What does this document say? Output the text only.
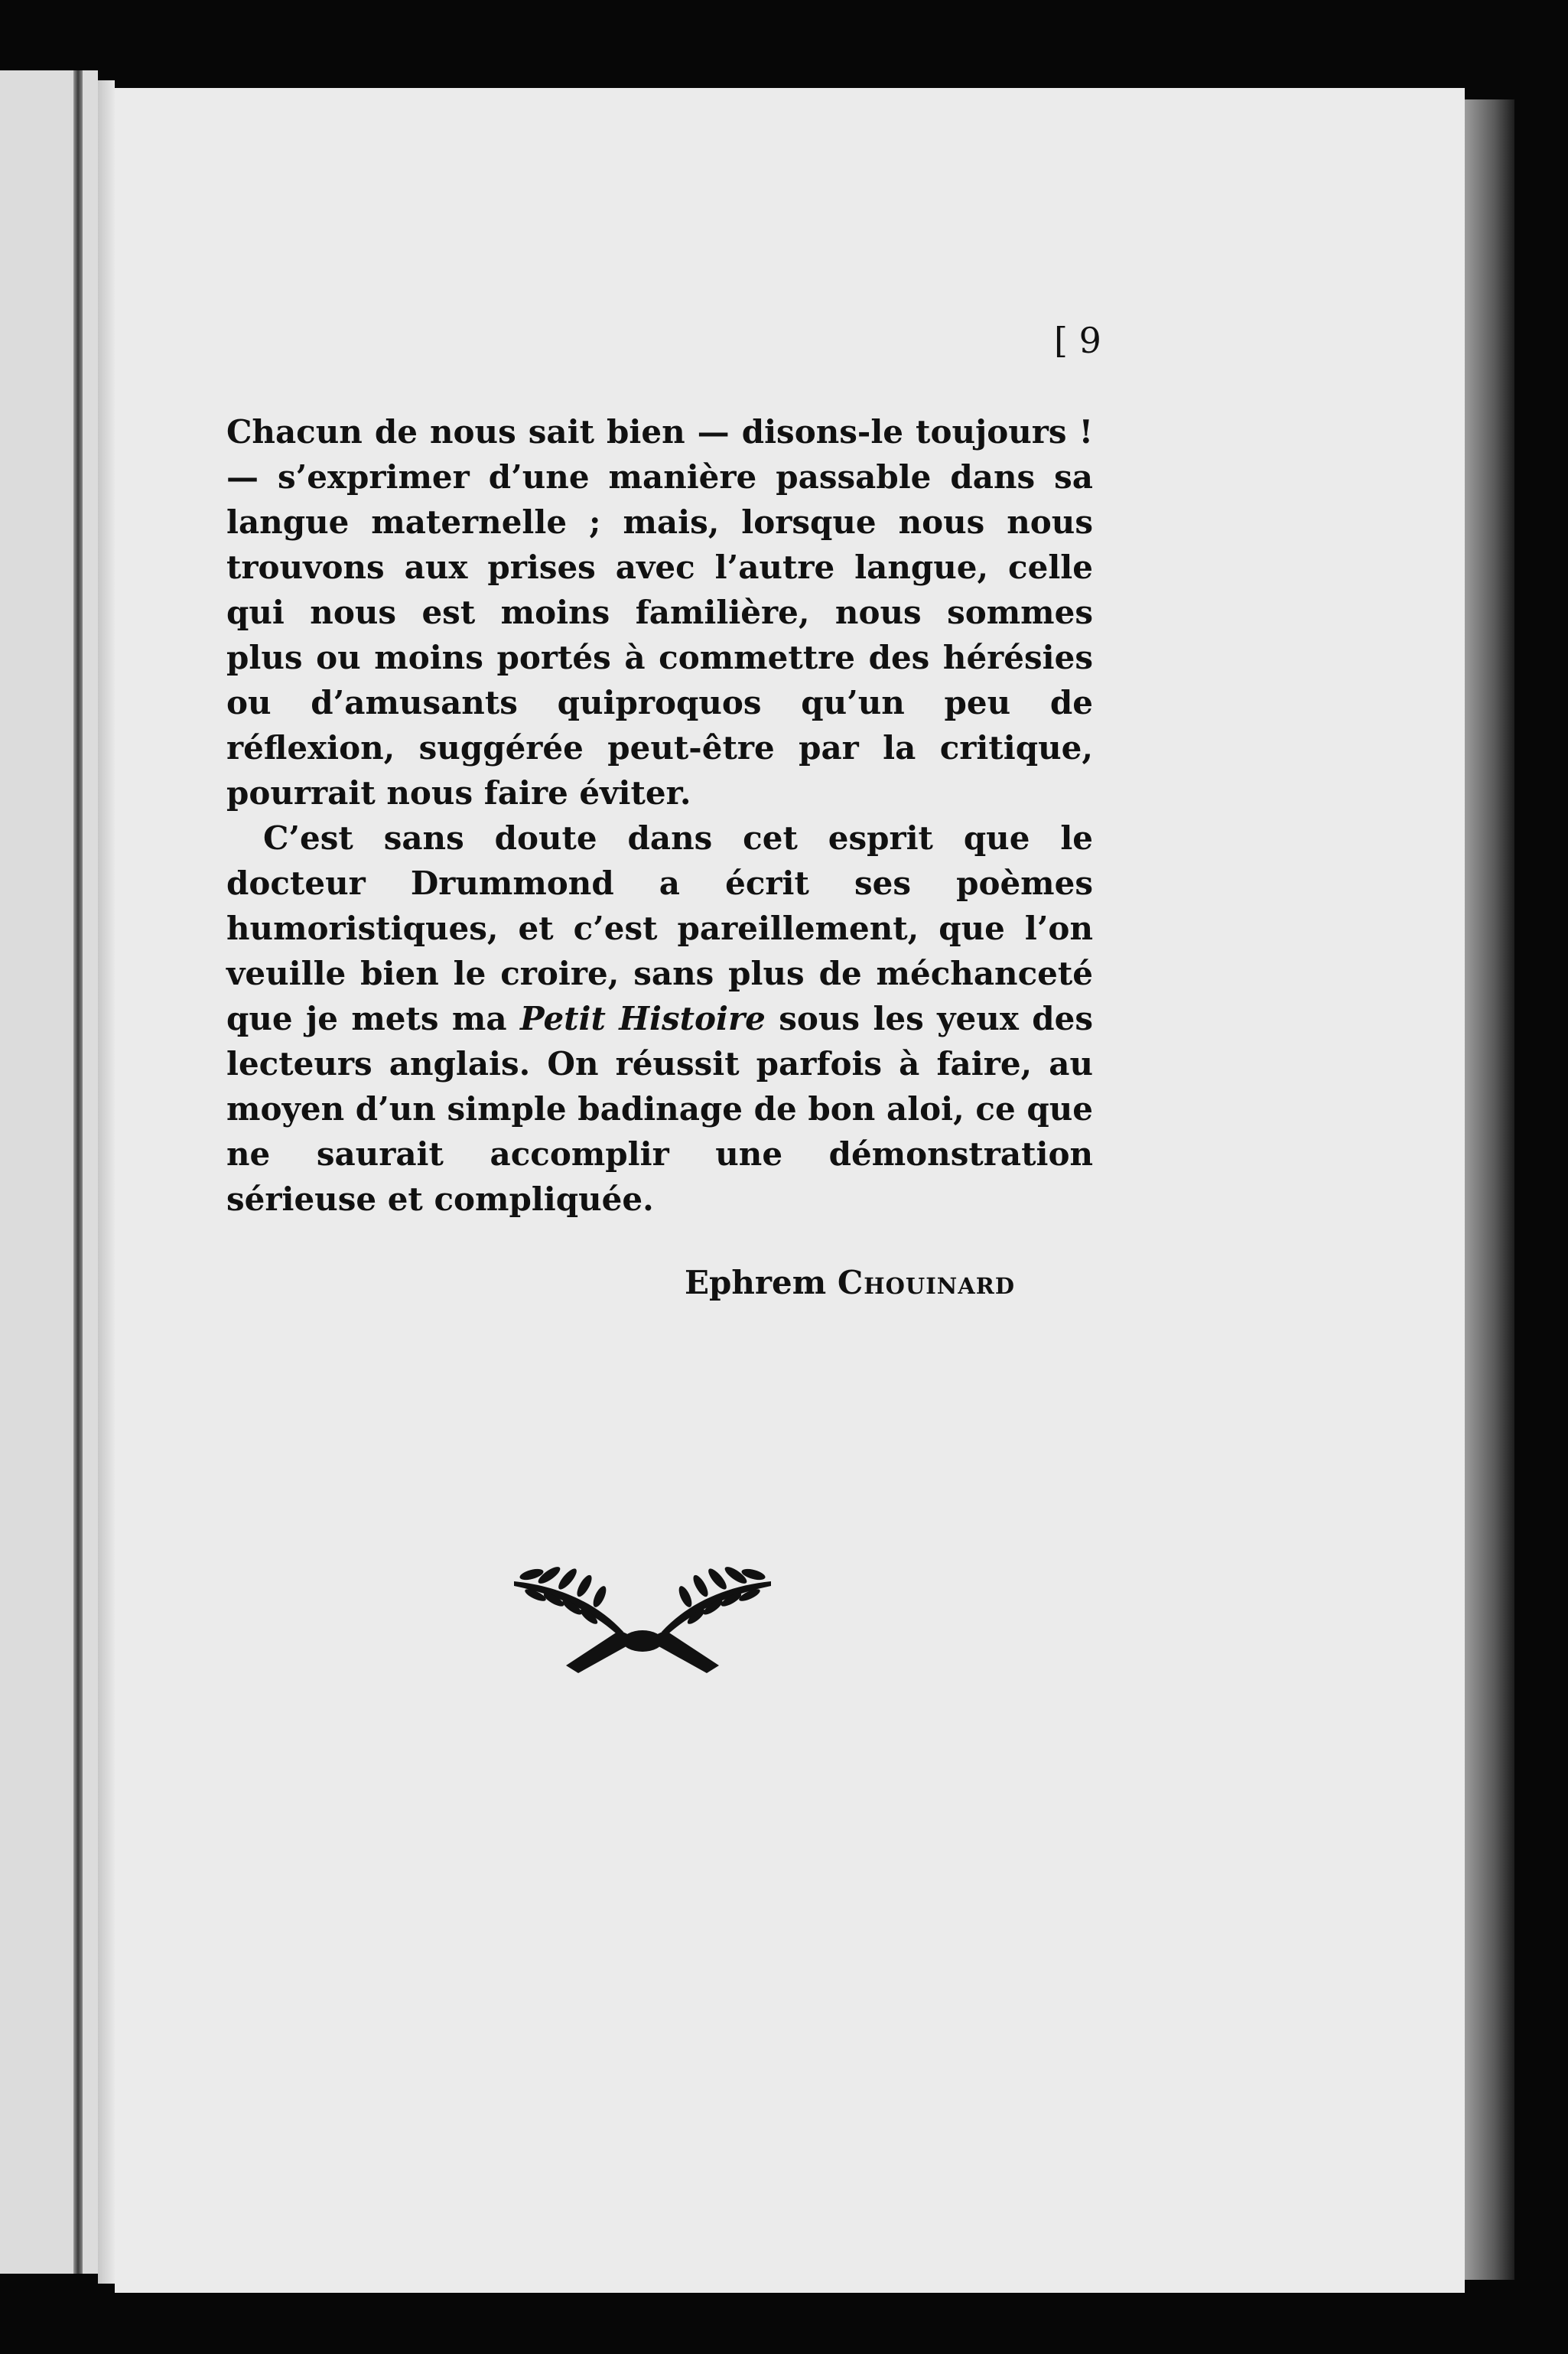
[ 9

Chacun de nous sait bien — disons-le toujours ! — s’exprimer d’une manière passable dans sa langue maternelle ; mais, lorsque nous nous trouvons aux prises avec l’autre langue, celle qui nous est moins familière, nous sommes plus ou moins portés à commettre des hérésies ou d’amusants quiproquos qu’un peu de réflexion, suggérée peut-être par la critique, pourrait nous faire éviter.

C’est sans doute dans cet esprit que le docteur Drummond a écrit ses poèmes humoristiques, et c’est pareillement, que l’on veuille bien le croire, sans plus de méchanceté que je mets ma Petit Histoire sous les yeux des lecteurs anglais. On réussit parfois à faire, au moyen d’un simple badinage de bon aloi, ce que ne saurait accomplir une démonstration sérieuse et compliquée.

Ephrem Chouinard
